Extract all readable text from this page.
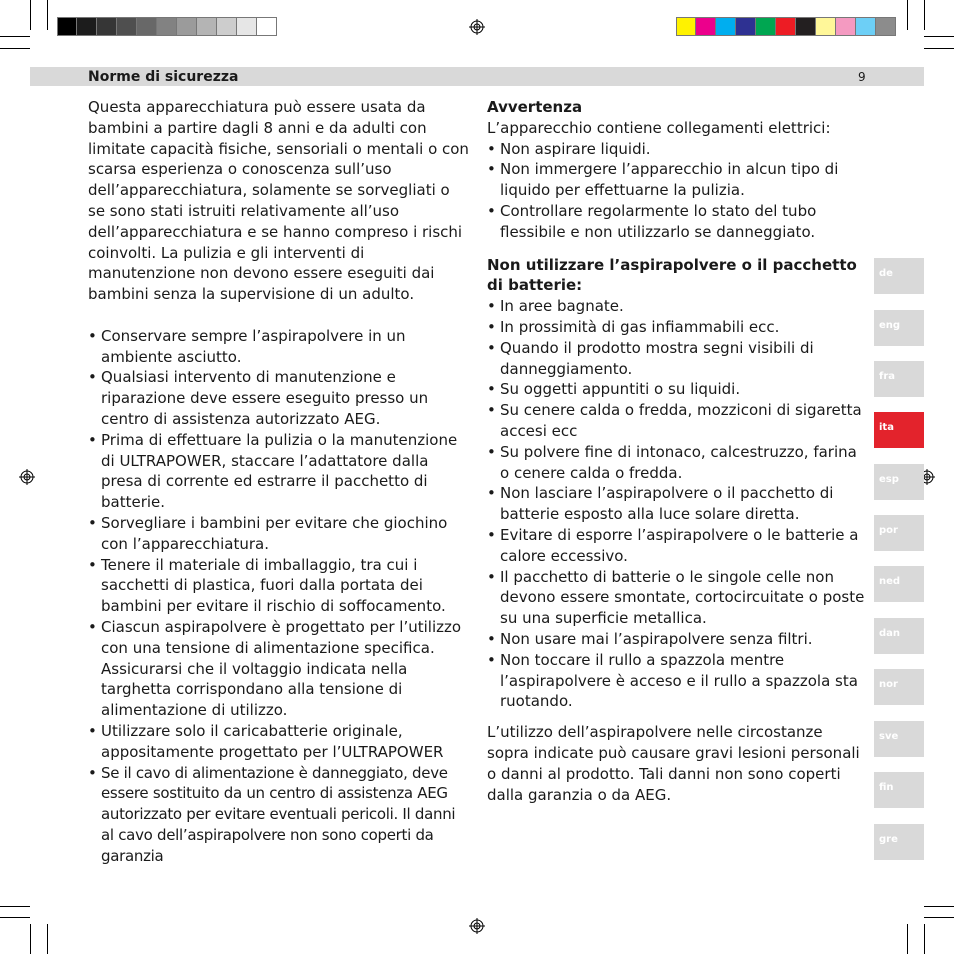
Norme di sicurezza	9

Questa apparecchiatura può essere usata da bambini a partire dagli 8 anni e da adulti con limitate capacità fisiche, sensoriali o mentali o con scarsa esperienza o conoscenza sull’uso dell’apparecchiatura, solamente se sorvegliati o se sono stati istruiti relativamente all’uso dell’apparecchiatura e se hanno compreso i rischi coinvolti. La pulizia e gli interventi di manutenzione non devono essere eseguiti dai bambini senza la supervisione di un adulto.

• Conservare sempre l’aspirapolvere in un ambiente asciutto.
• Qualsiasi intervento di manutenzione e riparazione deve essere eseguito presso un centro di assistenza autorizzato AEG.
• Prima di effettuare la pulizia o la manutenzione di ULTRAPOWER, staccare l’adattatore dalla presa di corrente ed estrarre il pacchetto di batterie.
• Sorvegliare i bambini per evitare che giochino con l’apparecchiatura.
• Tenere il materiale di imballaggio, tra cui i sacchetti di plastica, fuori dalla portata dei bambini per evitare il rischio di soffocamento.
• Ciascun aspirapolvere è progettato per l’utilizzo con una tensione di alimentazione specifica. Assicurarsi che il voltaggio indicata nella targhetta corrispondano alla tensione di alimentazione di utilizzo.
• Utilizzare solo il caricabatterie originale, appositamente progettato per l’ULTRAPOWER
• Se il cavo di alimentazione è danneggiato, deve essere sostituito da un centro di assistenza AEG autorizzato per evitare eventuali pericoli. Il danni al cavo dell’aspirapolvere non sono coperti da garanzia

Avvertenza

L’apparecchio contiene collegamenti elettrici:

• Non aspirare liquidi.
• Non immergere l’apparecchio in alcun tipo di liquido per effettuarne la pulizia.
• Controllare regolarmente lo stato del tubo flessibile e non utilizzarlo se danneggiato.

Non utilizzare l’aspirapolvere o il pacchetto di batterie:

• In aree bagnate.
• In prossimità di gas infiammabili ecc.
• Quando il prodotto mostra segni visibili di danneggiamento.
• Su oggetti appuntiti o su liquidi.
• Su cenere calda o fredda, mozziconi di sigaretta accesi ecc
• Su polvere fine di intonaco, calcestruzzo, farina o cenere calda o fredda.
• Non lasciare l’aspirapolvere o il pacchetto di batterie esposto alla luce solare diretta.
• Evitare di esporre l’aspirapolvere o le batterie a calore eccessivo.
• Il pacchetto di batterie o le singole celle non devono essere smontate, cortocircuitate o poste su una superficie metallica.
• Non usare mai l’aspirapolvere senza filtri.
• Non toccare il rullo a spazzola mentre l’aspirapolvere è acceso e il rullo a spazzola sta ruotando.

L’utilizzo dell’aspirapolvere nelle circostanze sopra indicate può causare gravi lesioni personali o danni al prodotto. Tali danni non sono coperti dalla garanzia o da AEG.

de
eng
fra
ita
esp
por
ned
dan
nor
sve
fin
gre
